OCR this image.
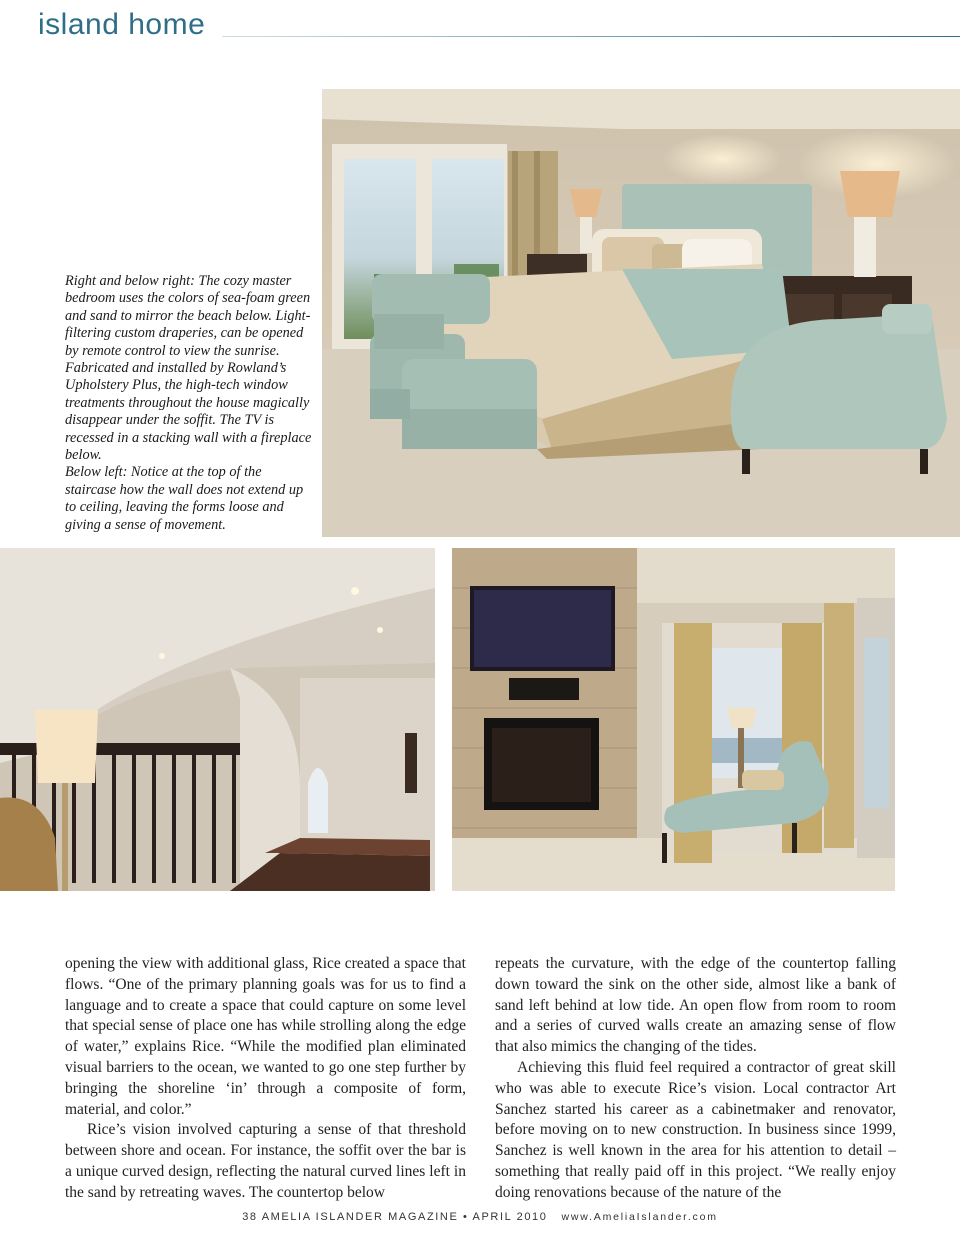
island home

Right and below right: The cozy master bedroom uses the colors of sea-foam green and sand to mirror the beach below. Light-filtering custom draperies, can be opened by remote control to view the sunrise. Fabricated and installed by Rowland’s Upholstery Plus, the high-tech window treatments throughout the house magically disappear under the soffit. The TV is recessed in a stacking wall with a fireplace below.

Below left: Notice at the top of the staircase how the wall does not extend up to ceiling, leaving the forms loose and giving a sense of movement.

opening the view with additional glass, Rice created a space that flows. “One of the primary planning goals was for us to find a language and to create a space that could capture on some level that special sense of place one has while strolling along the edge of water,” explains Rice. “While the modified plan eliminated visual barriers to the ocean, we wanted to go one step further by bringing the shoreline ‘in’ through a composite of form, material, and color.”

Rice’s vision involved capturing a sense of that threshold between shore and ocean. For instance, the soffit over the bar is a unique curved design, reflecting the natural curved lines left in the sand by retreating waves. The countertop below

repeats the curvature, with the edge of the countertop falling down toward the sink on the other side, almost like a bank of sand left behind at low tide. An open flow from room to room and a series of curved walls create an amazing sense of flow that also mimics the changing of the tides.

Achieving this fluid feel required a contractor of great skill who was able to execute Rice’s vision. Local contractor Art Sanchez started his career as a cabinetmaker and renovator, before moving on to new construction. In business since 1999, Sanchez is well known in the area for his attention to detail – something that really paid off in this project. “We really enjoy doing renovations because of the nature of the

38 AMELIA ISLANDER MAGAZINE • APRIL 2010 www.AmeliaIslander.com
